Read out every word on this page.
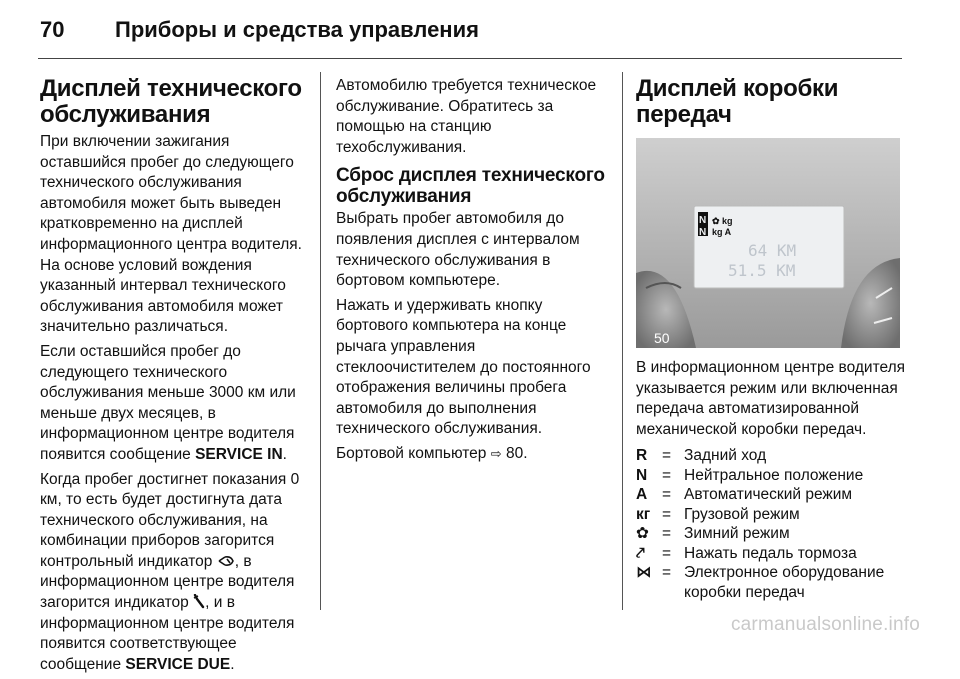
70 Приборы и средства управления
Дисплей технического обслуживания

При включении зажигания оставшийся пробег до следующего технического обслуживания автомобиля может быть выведен кратковременно на дисплей информационного центра водителя. На основе условий вождения указанный интервал технического обслуживания автомобиля может значительно различаться.

Если оставшийся пробег до следующего технического обслуживания меньше 3000 км или меньше двух месяцев, в информационном центре водителя появится сообщение SERVICE IN.

Когда пробег достигнет показания 0 км, то есть будет достигнута дата технического обслуживания, на комбинации приборов загорится контрольный индикатор , в информационном центре водителя загорится индикатор , и в информационном центре водителя появится соответствующее сообщение SERVICE DUE.

Автомобилю требуется техническое обслуживание. Обратитесь за помощью на станцию техобслуживания.

Сброс дисплея технического обслуживания

Выбрать пробег автомобиля до появления дисплея с интервалом технического обслуживания в бортовом компьютере.

Нажать и удерживать кнопку бортового компьютера на конце рычага управления стеклоочистителем до постоянного отображения величины пробега автомобиля до выполнения технического обслуживания.

Бортовой компьютер ⇨ 80.

Дисплей коробки передач
50
N
N
✿ kg
kg A
64 КМ
51.5 КМ

В информационном центре водителя указывается режим или включенная передача автоматизированной механической коробки передач.

R = Задний ход
N = Нейтральное положение
A = Автоматический режим
кг = Грузовой режим
✿ = Зимний режим
⤤	= Нажать педаль тормоза
⋈ = Электронное оборудование коробки передач
carmanualsonline.info
